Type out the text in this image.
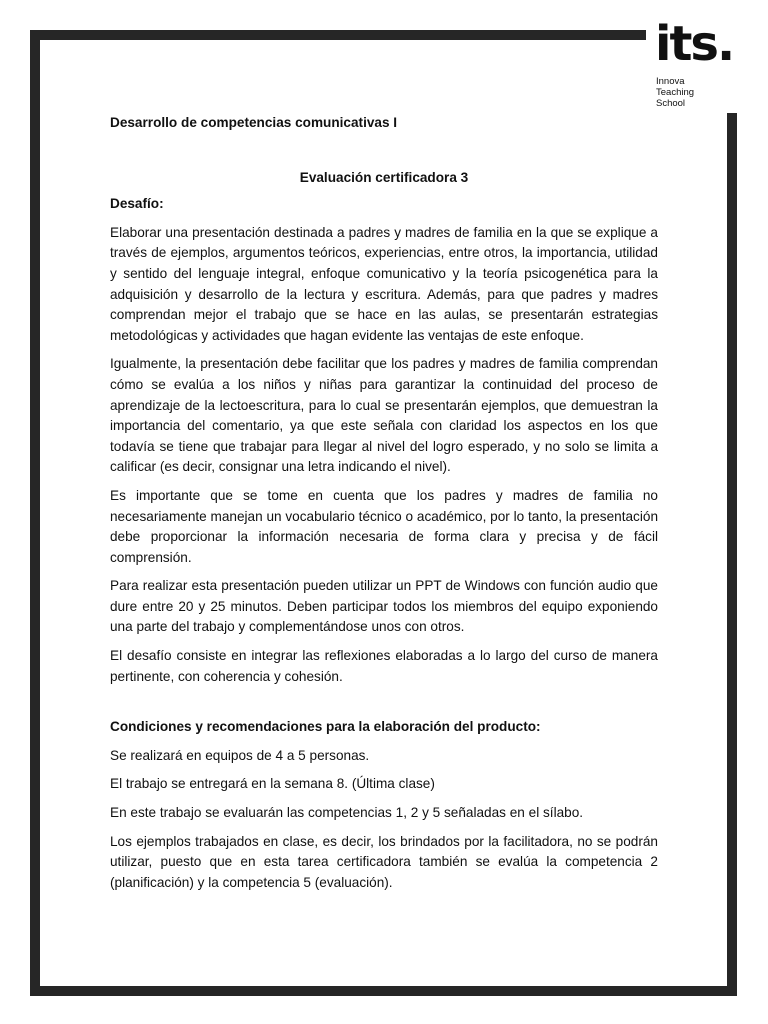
its.
Innova
Teaching
School

Desarrollo de competencias comunicativas I

Evaluación certificadora 3

Desafío:

Elaborar una presentación destinada a padres y madres de familia en la que se explique a través de ejemplos, argumentos teóricos, experiencias, entre otros, la importancia, utilidad y sentido del lenguaje integral, enfoque comunicativo y la teoría psicogenética para la adquisición y desarrollo de la lectura y escritura. Además, para que padres y madres comprendan mejor el trabajo que se hace en las aulas, se presentarán estrategias metodológicas y actividades que hagan evidente las ventajas de este enfoque.

Igualmente, la presentación debe facilitar que los padres y madres de familia comprendan cómo se evalúa a los niños y niñas para garantizar la continuidad del proceso de aprendizaje de la lectoescritura, para lo cual se presentarán ejemplos, que demuestran la importancia del comentario, ya que este señala con claridad los aspectos en los que todavía se tiene que trabajar para llegar al nivel del logro esperado, y no solo se limita a calificar (es decir, consignar una letra indicando el nivel).

Es importante que se tome en cuenta que los padres y madres de familia no necesariamente manejan un vocabulario técnico o académico, por lo tanto, la presentación debe proporcionar la información necesaria de forma clara y precisa y de fácil comprensión.

Para realizar esta presentación pueden utilizar un PPT de Windows con función audio que dure entre 20 y 25 minutos. Deben participar todos los miembros del equipo exponiendo una parte del trabajo y complementándose unos con otros.

El desafío consiste en integrar las reflexiones elaboradas a lo largo del curso de manera pertinente, con coherencia y cohesión.

Condiciones y recomendaciones para la elaboración del producto:

Se realizará en equipos de 4 a 5 personas.

El trabajo se entregará en la semana 8. (Última clase)

En este trabajo se evaluarán las competencias 1, 2 y 5 señaladas en el sílabo.

Los ejemplos trabajados en clase, es decir, los brindados por la facilitadora, no se podrán utilizar, puesto que en esta tarea certificadora también se evalúa la competencia 2 (planificación) y la competencia 5 (evaluación).
